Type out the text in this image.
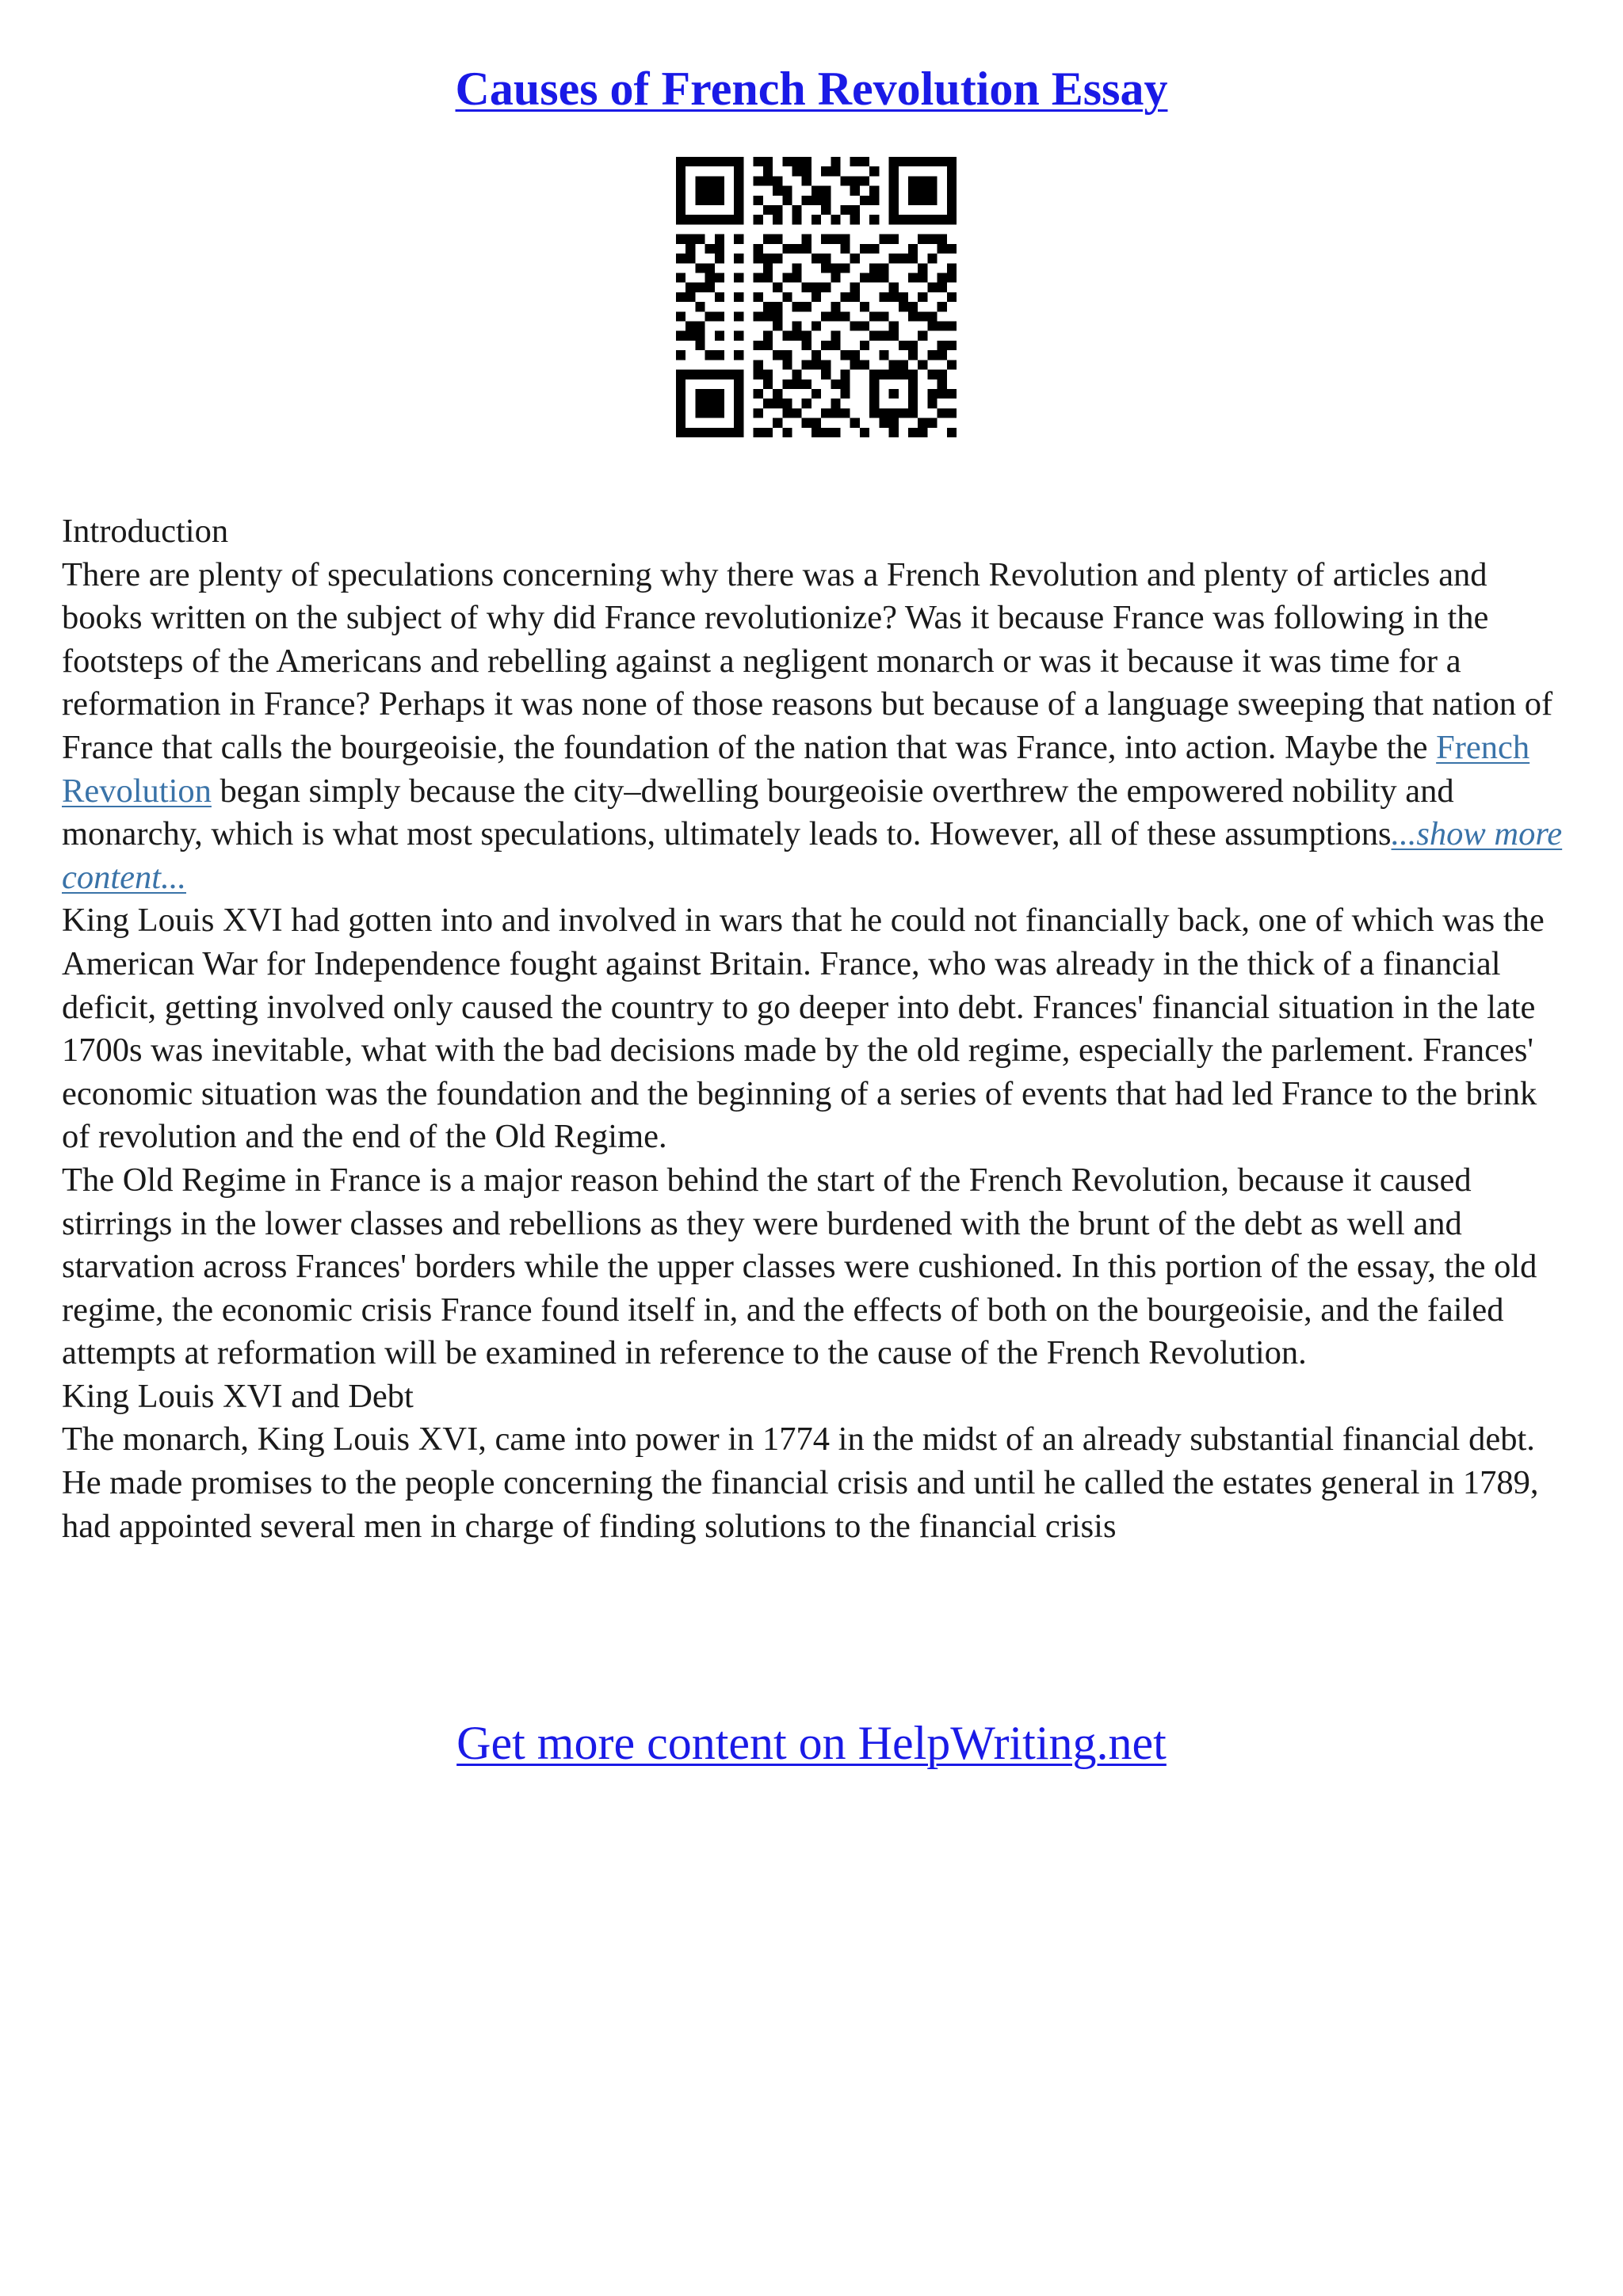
Causes of French Revolution Essay

Introduction

There are plenty of speculations concerning why there was a French Revolution and plenty of articles and books written on the subject of why did France revolutionize? Was it because France was following in the footsteps of the Americans and rebelling against a negligent monarch or was it because it was time for a reformation in France? Perhaps it was none of those reasons but because of a language sweeping that nation of France that calls the bourgeoisie, the foundation of the nation that was France, into action. Maybe the French Revolution began simply because the city–dwelling bourgeoisie overthrew the empowered nobility and monarchy, which is what most speculations, ultimately leads to. However, all of these assumptions...show more content...

King Louis XVI had gotten into and involved in wars that he could not financially back, one of which was the American War for Independence fought against Britain. France, who was already in the thick of a financial deficit, getting involved only caused the country to go deeper into debt. Frances' financial situation in the late 1700s was inevitable, what with the bad decisions made by the old regime, especially the parlement. Frances' economic situation was the foundation and the beginning of a series of events that had led France to the brink of revolution and the end of the Old Regime.

The Old Regime in France is a major reason behind the start of the French Revolution, because it caused stirrings in the lower classes and rebellions as they were burdened with the brunt of the debt as well and starvation across Frances' borders while the upper classes were cushioned. In this portion of the essay, the old regime, the economic crisis France found itself in, and the effects of both on the bourgeoisie, and the failed attempts at reformation will be examined in reference to the cause of the French Revolution.

King Louis XVI and Debt

The monarch, King Louis XVI, came into power in 1774 in the midst of an already substantial financial debt. He made promises to the people concerning the financial crisis and until he called the estates general in 1789, had appointed several men in charge of finding solutions to the financial crisis

Get more content on HelpWriting.net
